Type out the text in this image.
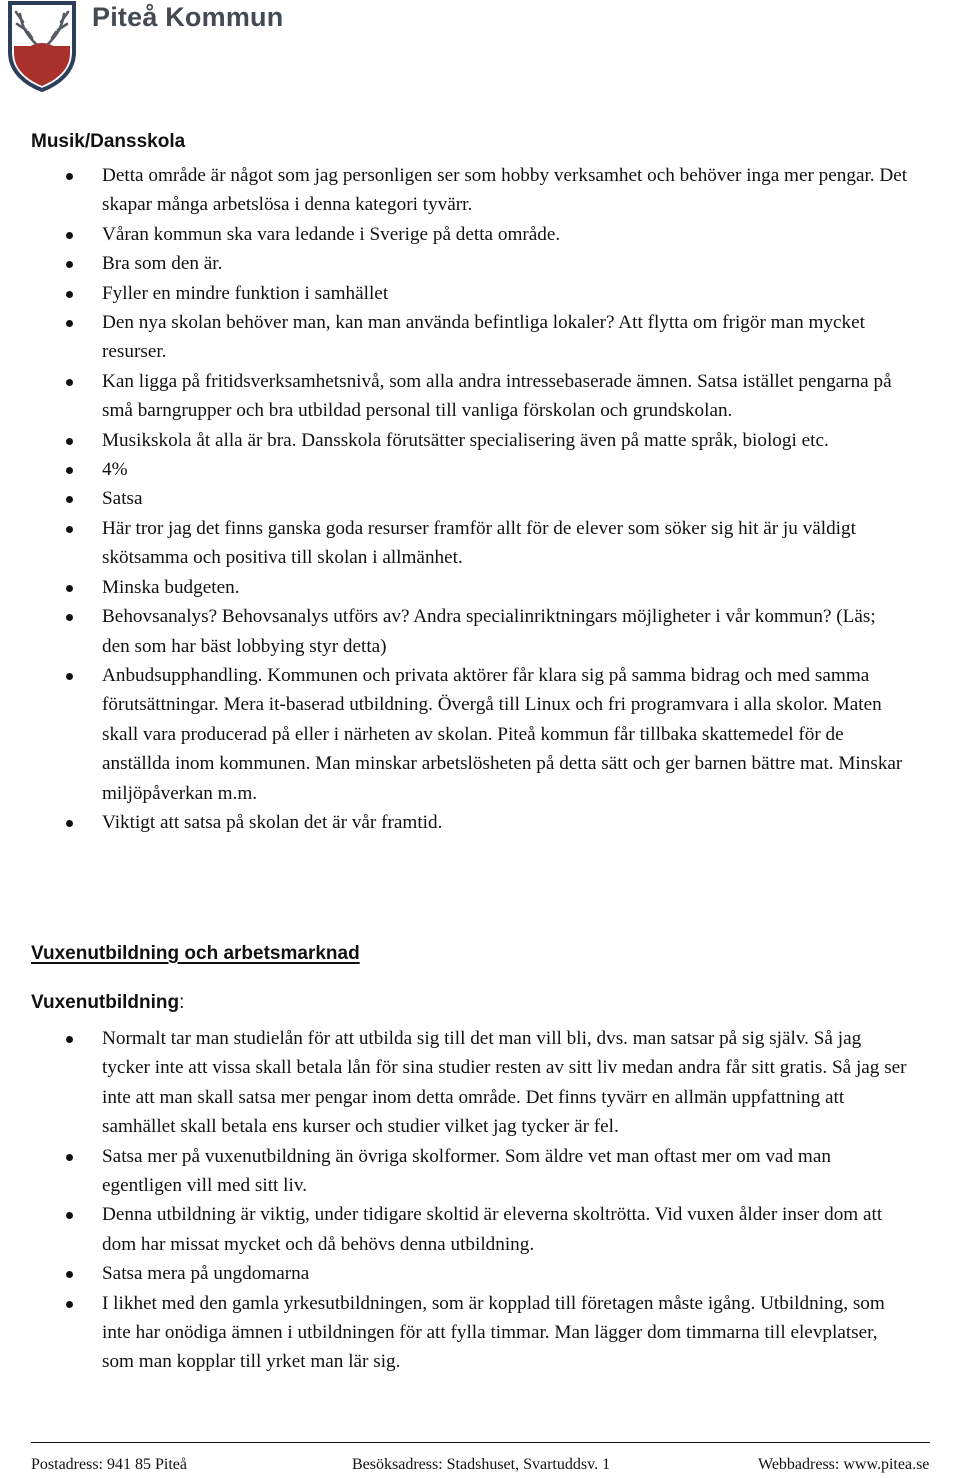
Piteå Kommun
Musik/Dansskola
Detta område är något som jag personligen ser som hobby verksamhet och behöver inga mer pengar. Det skapar många arbetslösa i denna kategori tyvärr.
Våran kommun ska vara ledande i Sverige på detta område.
Bra som den är.
Fyller en mindre funktion i samhället
Den nya skolan behöver man, kan man använda befintliga lokaler? Att flytta om frigör man mycket resurser.
Kan ligga på fritidsverksamhetsnivå, som alla andra intressebaserade ämnen. Satsa istället pengarna på små barngrupper och bra utbildad personal till vanliga förskolan och grundskolan.
Musikskola åt alla är bra. Dansskola förutsätter specialisering även på matte språk, biologi etc.
4%
Satsa
Här tror jag det finns ganska goda resurser framför allt för de elever som söker sig hit är ju väldigt skötsamma och positiva till skolan i allmänhet.
Minska budgeten.
Behovsanalys? Behovsanalys utförs av? Andra specialinriktningars möjligheter i vår kommun? (Läs; den som har bäst lobbying styr detta)
Anbudsupphandling. Kommunen och privata aktörer får klara sig på samma bidrag och med samma förutsättningar. Mera it-baserad utbildning. Övergå till Linux och fri programvara i alla skolor. Maten skall vara producerad på eller i närheten av skolan. Piteå kommun får tillbaka skattemedel för de anställda inom kommunen. Man minskar arbetslösheten på detta sätt och ger barnen bättre mat. Minskar miljöpåverkan m.m.
Viktigt att satsa på skolan det är vår framtid.
Vuxenutbildning och arbetsmarknad
Vuxenutbildning:
Normalt tar man studielån för att utbilda sig till det man vill bli, dvs. man satsar på sig själv. Så jag tycker inte att vissa skall betala lån för sina studier resten av sitt liv medan andra får sitt gratis. Så jag ser inte att man skall satsa mer pengar inom detta område. Det finns tyvärr en allmän uppfattning att samhället skall betala ens kurser och studier vilket jag tycker är fel.
Satsa mer på vuxenutbildning än övriga skolformer. Som äldre vet man oftast mer om vad man egentligen vill med sitt liv.
Denna utbildning är viktig, under tidigare skoltid är eleverna skoltrötta. Vid vuxen ålder inser dom att dom har missat mycket och då behövs denna utbildning.
Satsa mera på ungdomarna
I likhet med den gamla yrkesutbildningen, som är kopplad till företagen måste igång. Utbildning, som inte har onödiga ämnen i utbildningen för att fylla timmar. Man lägger dom timmarna till elevplatser, som man kopplar till yrket man lär sig.
Postadress: 941 85 Piteå	Besöksadress: Stadshuset, Svartuddsv. 1	Webbadress: www.pitea.se
